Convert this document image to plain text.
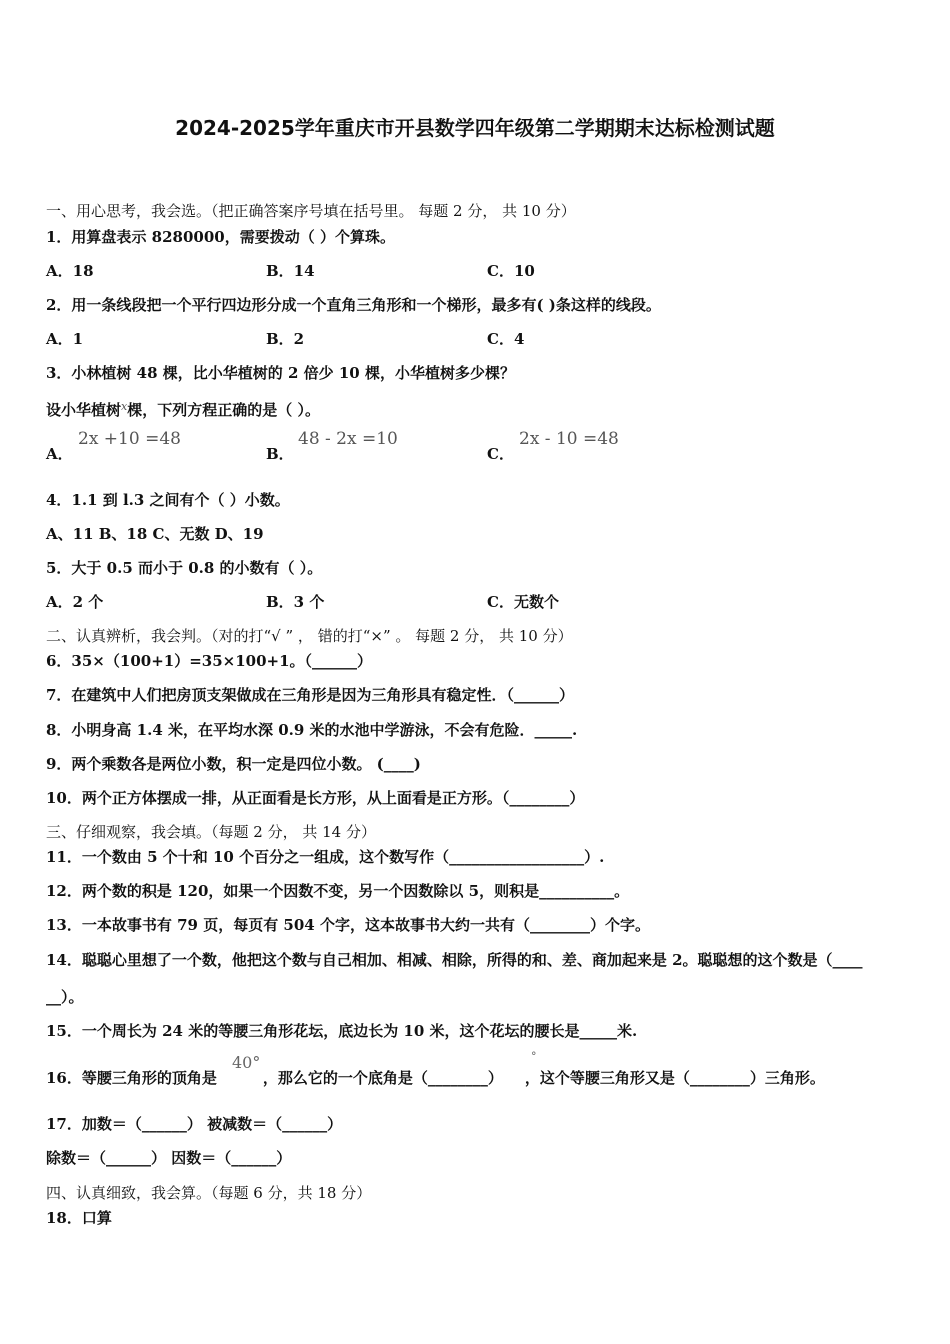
2024-2025学年重庆市开县数学四年级第二学期期末达标检测试题
一、用心思考，我会选。（把正确答案序号填在括号里。 每题 2 分， 共 10 分）
1．用算盘表示 8280000，需要拨动（ ）个算珠。
A．18	B．14	C．10
2．用一条线段把一个平行四边形分成一个直角三角形和一个梯形，最多有( )条这样的线段。
A．1	B．2	C．4
3．小林植树 48 棵，比小华植树的 2 倍少 10 棵，小华植树多少棵？
设小华植树$^x$棵，下列方程正确的是（ ）。
A．
2x +10 =48
B．
48 - 2x =10
C．
2x - 10 =48
4．1.1 到 l.3 之间有个（ ）小数。
A、11 B、18 C、无数 D、19
5．大于 0.5 而小于 0.8 的小数有（ ）。
A．2 个	B．3 个	C．无数个
二、认真辨析，我会判。（对的打“√ ” ， 错的打“×” 。 每题 2 分， 共 10 分）
6．35×（100+1）=35×100+1。（______）
7．在建筑中人们把房顶支架做成在三角形是因为三角形具有稳定性．（______）
8．小明身高 1.4 米，在平均水深 0.9 米的水池中学游泳，不会有危险．_____.
9．两个乘数各是两位小数，积一定是四位小数。 (____)
10．两个正方体摆成一排，从正面看是长方形，从上面看是正方形。（________）
三、仔细观察，我会填。（每题 2 分， 共 14 分）
11．一个数由 5 个十和 10 个百分之一组成，这个数写作（__________________）.
12．两个数的积是 120，如果一个因数不变，另一个因数除以 5，则积是__________。
13．一本故事书有 79 页，每页有 504 个字，这本故事书大约一共有（________）个字。
14．聪聪心里想了一个数，他把这个数与自己相加、相减、相除，所得的和、差、商加起来是 2。聪聪想的这个数是（____
__）。
15．一个周长为 24 米的等腰三角形花坛，底边长为 10 米，这个花坛的腰长是_____米.
16．等腰三角形的顶角是	，那么它的一个底角是（________） ，这个等腰三角形又是（________）三角形。
40°	°
17．加数＝（______） 被减数＝（______）
除数＝（______） 因数＝（______）
四、认真细致，我会算。（每题 6 分，共 18 分）
18．口算
